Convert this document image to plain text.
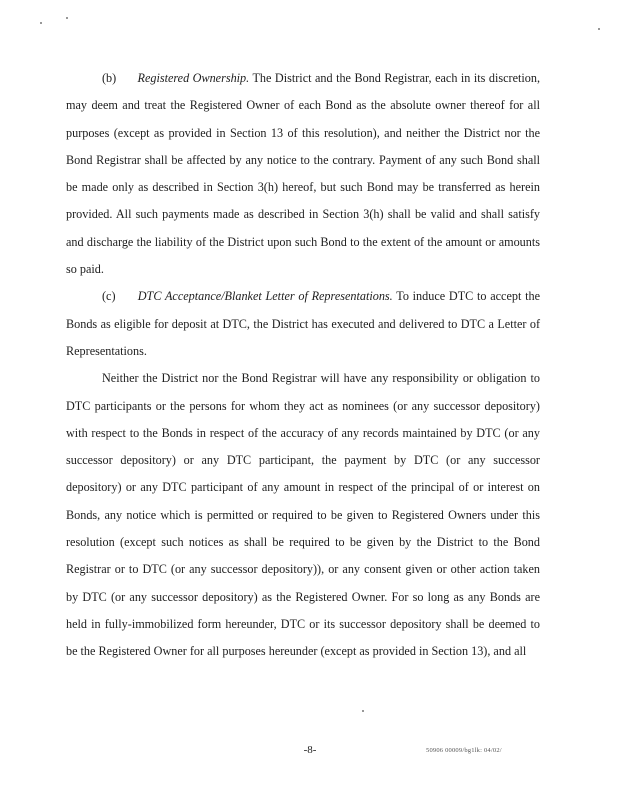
(b) Registered Ownership. The District and the Bond Registrar, each in its discretion, may deem and treat the Registered Owner of each Bond as the absolute owner thereof for all purposes (except as provided in Section 13 of this resolution), and neither the District nor the Bond Registrar shall be affected by any notice to the contrary. Payment of any such Bond shall be made only as described in Section 3(h) hereof, but such Bond may be transferred as herein provided. All such payments made as described in Section 3(h) shall be valid and shall satisfy and discharge the liability of the District upon such Bond to the extent of the amount or amounts so paid.

(c) DTC Acceptance/Blanket Letter of Representations. To induce DTC to accept the Bonds as eligible for deposit at DTC, the District has executed and delivered to DTC a Letter of Representations.

Neither the District nor the Bond Registrar will have any responsibility or obligation to DTC participants or the persons for whom they act as nominees (or any successor depository) with respect to the Bonds in respect of the accuracy of any records maintained by DTC (or any successor depository) or any DTC participant, the payment by DTC (or any successor depository) or any DTC participant of any amount in respect of the principal of or interest on Bonds, any notice which is permitted or required to be given to Registered Owners under this resolution (except such notices as shall be required to be given by the District to the Bond Registrar or to DTC (or any successor depository)), or any consent given or other action taken by DTC (or any successor depository) as the Registered Owner. For so long as any Bonds are held in fully-immobilized form hereunder, DTC or its successor depository shall be deemed to be the Registered Owner for all purposes hereunder (except as provided in Section 13), and all

-8-	50906 00009/bg1lk: 04/02/
